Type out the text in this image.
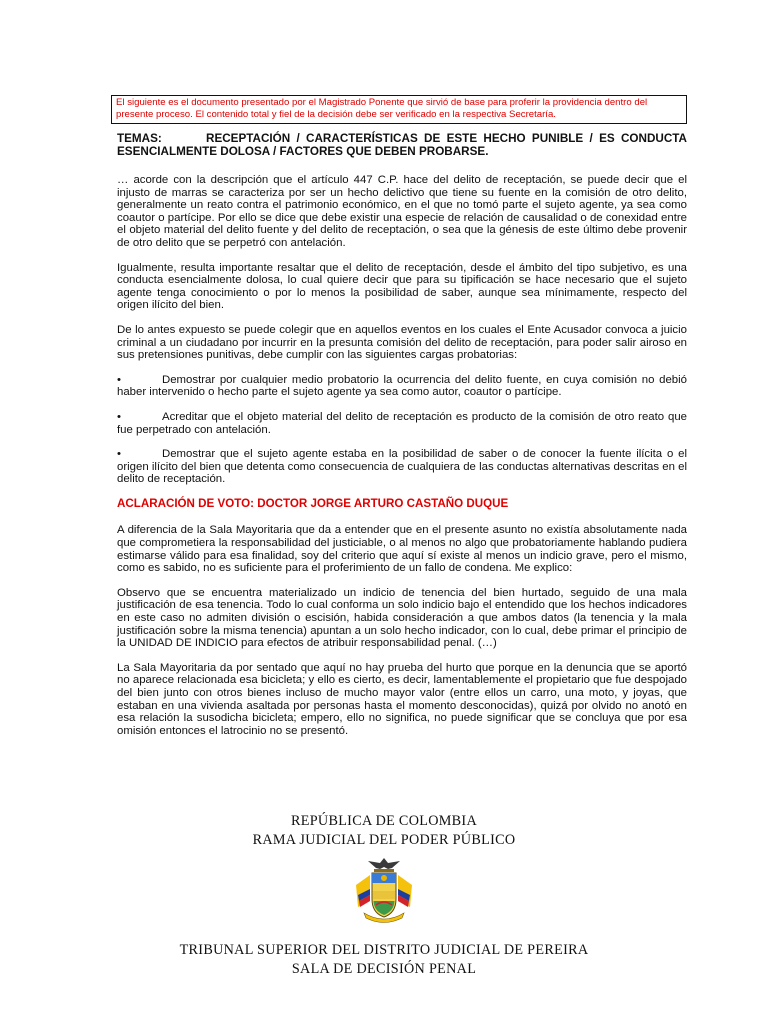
El siguiente es el documento presentado por el Magistrado Ponente que sirvió de base para proferir la providencia dentro del presente proceso. El contenido total y fiel de la decisión debe ser verificado en la respectiva Secretaría.
TEMAS:	RECEPTACIÓN / CARACTERÍSTICAS DE ESTE HECHO PUNIBLE / ES CONDUCTA ESENCIALMENTE DOLOSA / FACTORES QUE DEBEN PROBARSE.

… acorde con la descripción que el artículo 447 C.P. hace del delito de receptación, se puede decir que el injusto de marras se caracteriza por ser un hecho delictivo que tiene su fuente en la comisión de otro delito, generalmente un reato contra el patrimonio económico, en el que no tomó parte el sujeto agente, ya sea como coautor o partícipe. Por ello se dice que debe existir una especie de relación de causalidad o de conexidad entre el objeto material del delito fuente y del delito de receptación, o sea que la génesis de este último debe provenir de otro delito que se perpetró con antelación.

Igualmente, resulta importante resaltar que el delito de receptación, desde el ámbito del tipo subjetivo, es una conducta esencialmente dolosa, lo cual quiere decir que para su tipificación se hace necesario que el sujeto agente tenga conocimiento o por lo menos la posibilidad de saber, aunque sea mínimamente, respecto del origen ilícito del bien.

De lo antes expuesto se puede colegir que en aquellos eventos en los cuales el Ente Acusador convoca a juicio criminal a un ciudadano por incurrir en la presunta comisión del delito de receptación, para poder salir airoso en sus pretensiones punitivas, debe cumplir con las siguientes cargas probatorias:

•	Demostrar por cualquier medio probatorio la ocurrencia del delito fuente, en cuya comisión no debió haber intervenido o hecho parte el sujeto agente ya sea como autor, coautor o partícipe.

•	Acreditar que el objeto material del delito de receptación es producto de la comisión de otro reato que fue perpetrado con antelación.

•	Demostrar que el sujeto agente estaba en la posibilidad de saber o de conocer la fuente ilícita o el origen ilícito del bien que detenta como consecuencia de cualquiera de las conductas alternativas descritas en el delito de receptación.

ACLARACIÓN DE VOTO: DOCTOR JORGE ARTURO CASTAÑO DUQUE

A diferencia de la Sala Mayoritaria que da a entender que en el presente asunto no existía absolutamente nada que comprometiera la responsabilidad del justiciable, o al menos no algo que probatoriamente hablando pudiera estimarse válido para esa finalidad, soy del criterio que aquí sí existe al menos un indicio grave, pero el mismo, como es sabido, no es suficiente para el proferimiento de un fallo de condena. Me explico:

Observo que se encuentra materializado un indicio de tenencia del bien hurtado, seguido de una mala justificación de esa tenencia. Todo lo cual conforma un solo indicio bajo el entendido que los hechos indicadores en este caso no admiten división o escisión, habida consideración a que ambos datos (la tenencia y la mala justificación sobre la misma tenencia) apuntan a un solo hecho indicador, con lo cual, debe primar el principio de la UNIDAD DE INDICIO para efectos de atribuir responsabilidad penal. (…)

La Sala Mayoritaria da por sentado que aquí no hay prueba del hurto que porque en la denuncia que se aportó no aparece relacionada esa bicicleta; y ello es cierto, es decir, lamentablemente el propietario que fue despojado del bien junto con otros bienes incluso de mucho mayor valor (entre ellos un carro, una moto, y joyas, que estaban en una vivienda asaltada por personas hasta el momento desconocidas), quizá por olvido no anotó en esa relación la susodicha bicicleta; empero, ello no significa, no puede significar que se concluya que por esa omisión entonces el latrocinio no se presentó.

REPÚBLICA DE COLOMBIA
RAMA JUDICIAL DEL PODER PÚBLICO
TRIBUNAL SUPERIOR DEL DISTRITO JUDICIAL DE PEREIRA
SALA DE DECISIÓN PENAL
